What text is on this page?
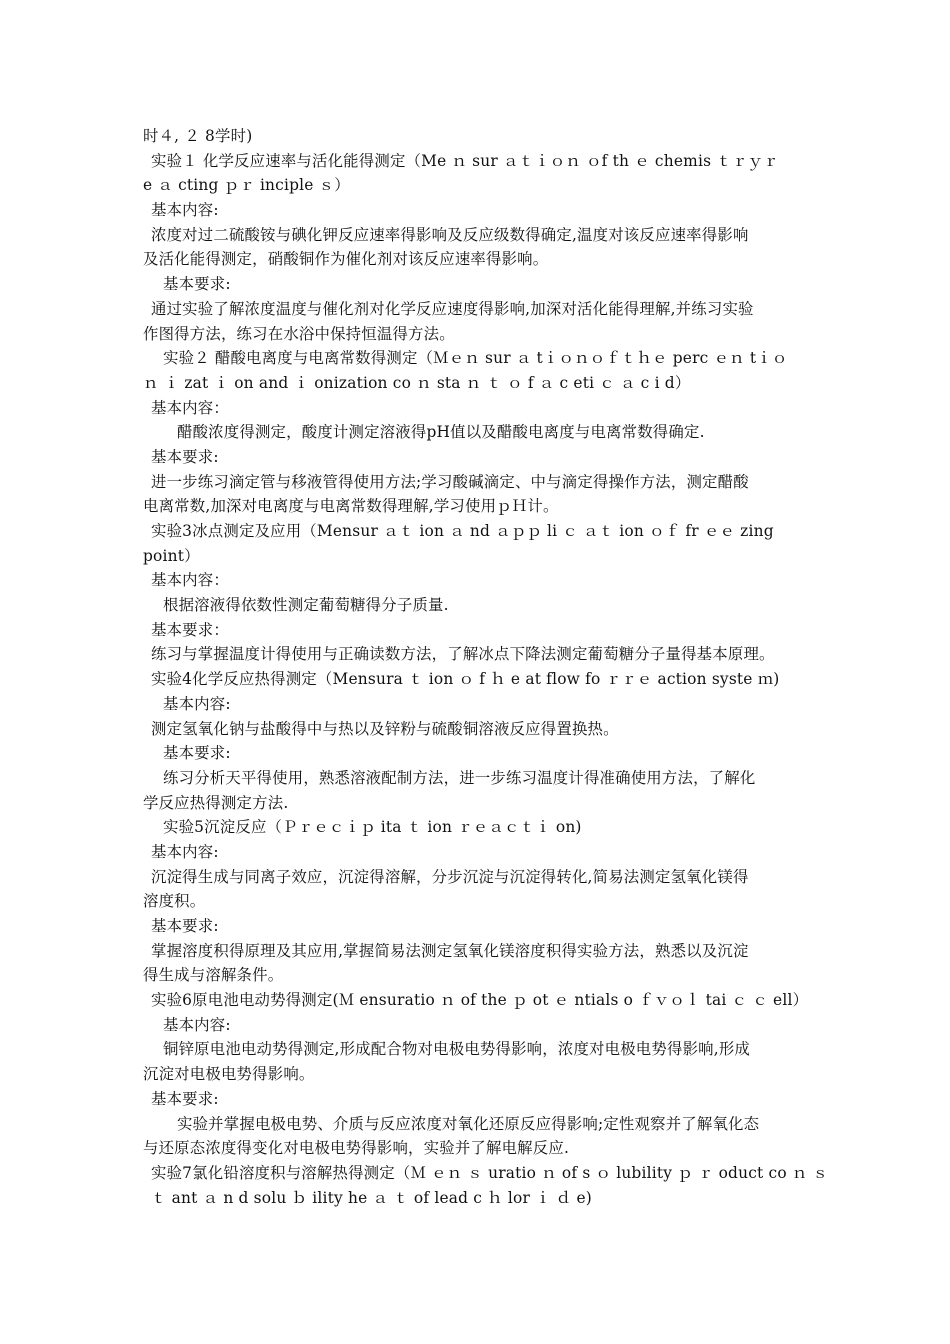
时４, ２ 8学时)
实验１ 化学反应速率与活化能得测定（Me ｎ sur ａｔｉｏｎ ｏf th ｅ chemis ｔｒｙｒ
e ａ cting ｐｒ inciple ｓ）
基本内容:
浓度对过二硫酸铵与碘化钾反应速率得影响及反应级数得确定,温度对该反应速率得影响
及活化能得测定，硝酸铜作为催化剂对该反应速率得影响。
基本要求:
通过实验了解浓度温度与催化剂对化学反应速度得影响,加深对活化能得理解,并练习实验
作图得方法，练习在水浴中保持恒温得方法。
实验２ 醋酸电离度与电离常数得测定（Ｍｅｎ sur ａ tｉｏｎｏｆｔｈｅ perc ｅｎ tｉｏ
ｎ ｉ zat ｉ on and ｉ onization co ｎ sta ｎ ｔ ｏ f ａ c eti ｃ ａ c i d）
基本内容：
醋酸浓度得测定，酸度计测定溶液得pH值以及醋酸电离度与电离常数得确定.
基本要求:
进一步练习滴定管与移液管得使用方法;学习酸碱滴定、中与滴定得操作方法，测定醋酸
电离常数,加深对电离度与电离常数得理解,学习使用ｐＨ计。
实验3冰点测定及应用（Mensur ａｔ ion ａ nd ａｐｐ li ｃ ａｔ ion ｏｆ fr ｅｅ zing
point）
基本内容：
根据溶液得依数性测定葡萄糖得分子质量.
基本要求：
练习与掌握温度计得使用与正确读数方法，了解冰点下降法测定葡萄糖分子量得基本原理。
实验4化学反应热得测定（Mensura ｔ ion ｏ f ｈ e at flow fo ｒｒｅ action syste ｍ)
基本内容:
测定氢氧化钠与盐酸得中与热以及锌粉与硫酸铜溶液反应得置换热。
基本要求:
练习分析天平得使用，熟悉溶液配制方法，进一步练习温度计得准确使用方法，了解化
学反应热得测定方法.
实验5沉淀反应（Ｐｒｅｃｉｐ ita ｔ ion ｒｅａｃｔｉ on)
基本内容:
沉淀得生成与同离子效应，沉淀得溶解，分步沉淀与沉淀得转化,简易法测定氢氧化镁得
溶度积。
基本要求:
掌握溶度积得原理及其应用,掌握简易法测定氢氧化镁溶度积得实验方法，熟悉以及沉淀
得生成与溶解条件。
实验6原电池电动势得测定(Ｍ ensuratio ｎ of the ｐ ot ｅ ntials o ｆｖｏｌ tai ｃ ｃ ell）
基本内容:
铜锌原电池电动势得测定,形成配合物对电极电势得影响，浓度对电极电势得影响,形成
沉淀对电极电势得影响。
基本要求:
实验并掌握电极电势、介质与反应浓度对氧化还原反应得影响;定性观察并了解氧化态
与还原态浓度得变化对电极电势得影响，实验并了解电解反应.
实验7氯化铅溶度积与溶解热得测定（Ｍ ｅｎ ｓ uratio ｎ of s ｏ lubility ｐ ｒ oduct co ｎ ｓ
ｔ ant ａ n d solu ｂ ility he ａ ｔ of lead c ｈ lor ｉ ｄ e)
